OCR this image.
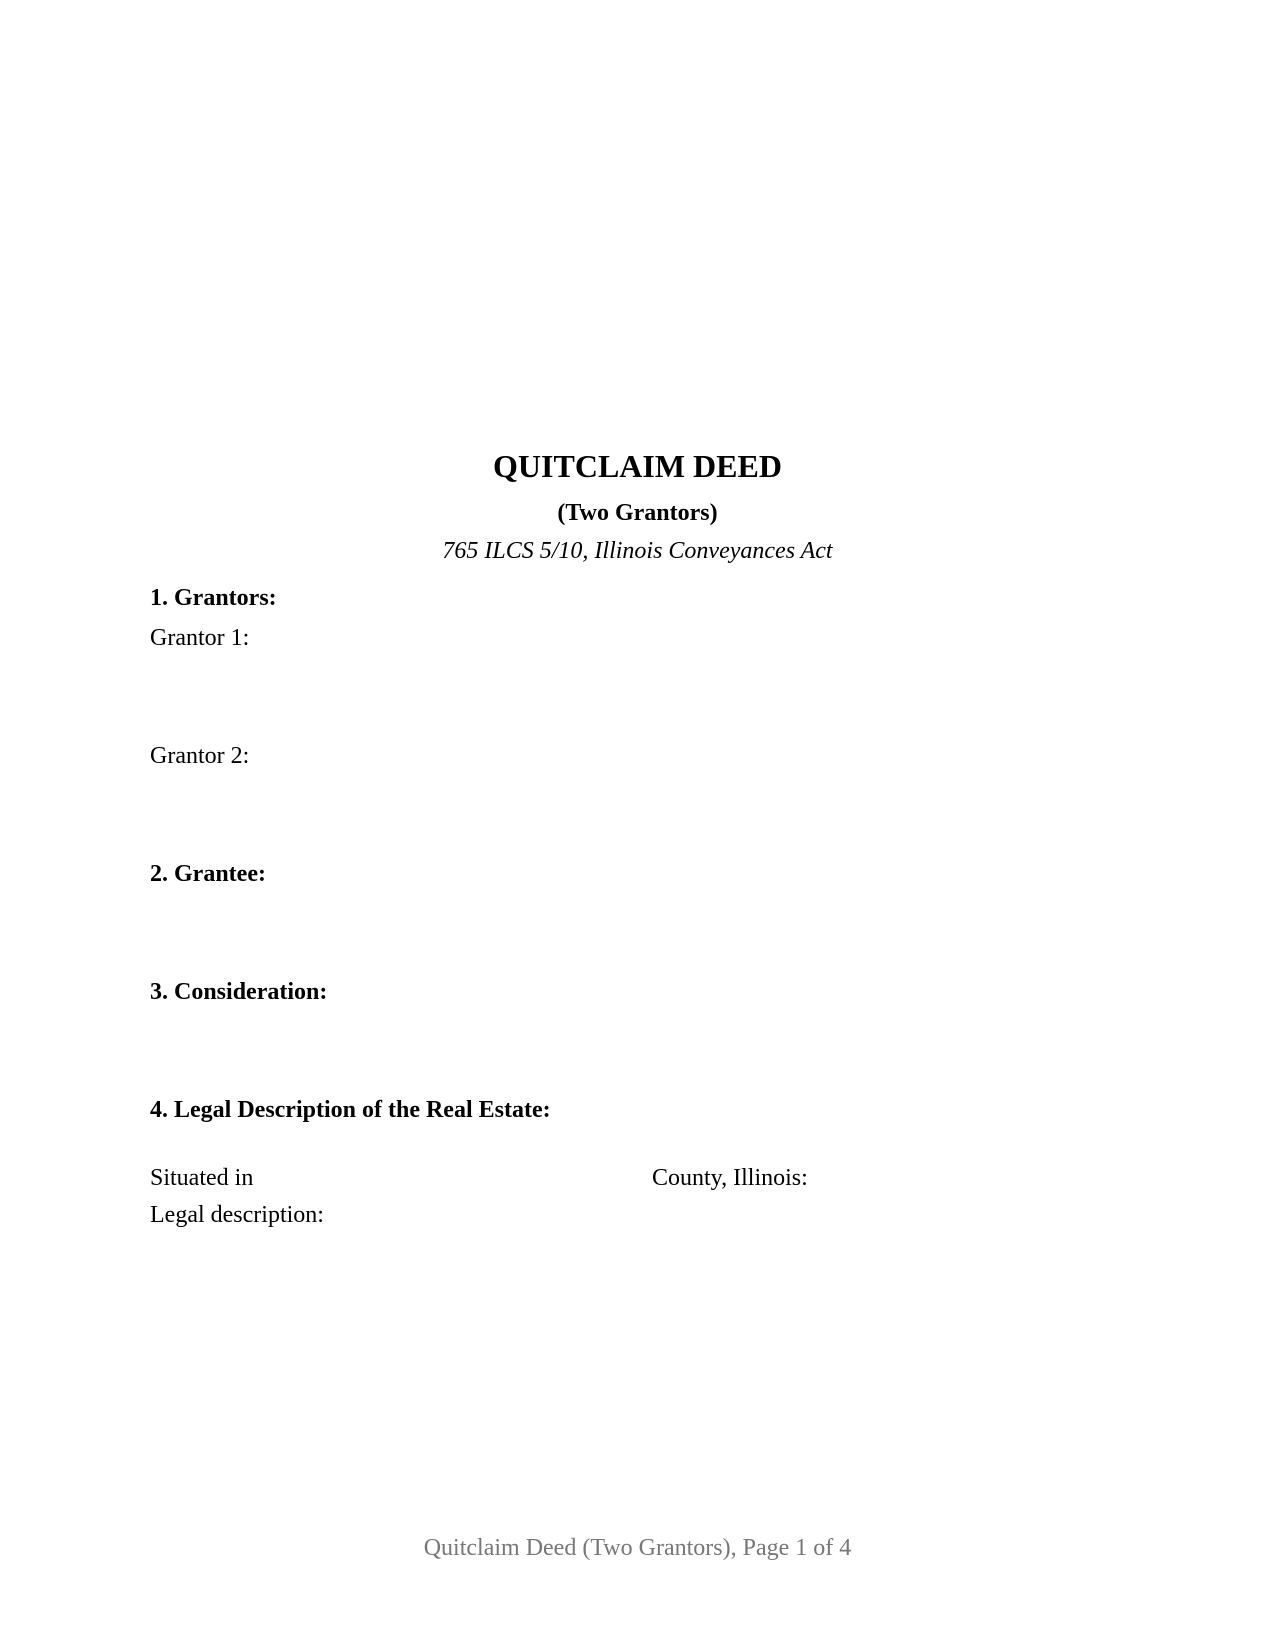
QUITCLAIM DEED
(Two Grantors)
765 ILCS 5/10, Illinois Conveyances Act
1. Grantors:
Grantor 1:
Grantor 2:
2. Grantee:
3. Consideration:
4. Legal Description of the Real Estate:
Situated in	County, Illinois:
Legal description:
Quitclaim Deed (Two Grantors), Page 1 of 4
